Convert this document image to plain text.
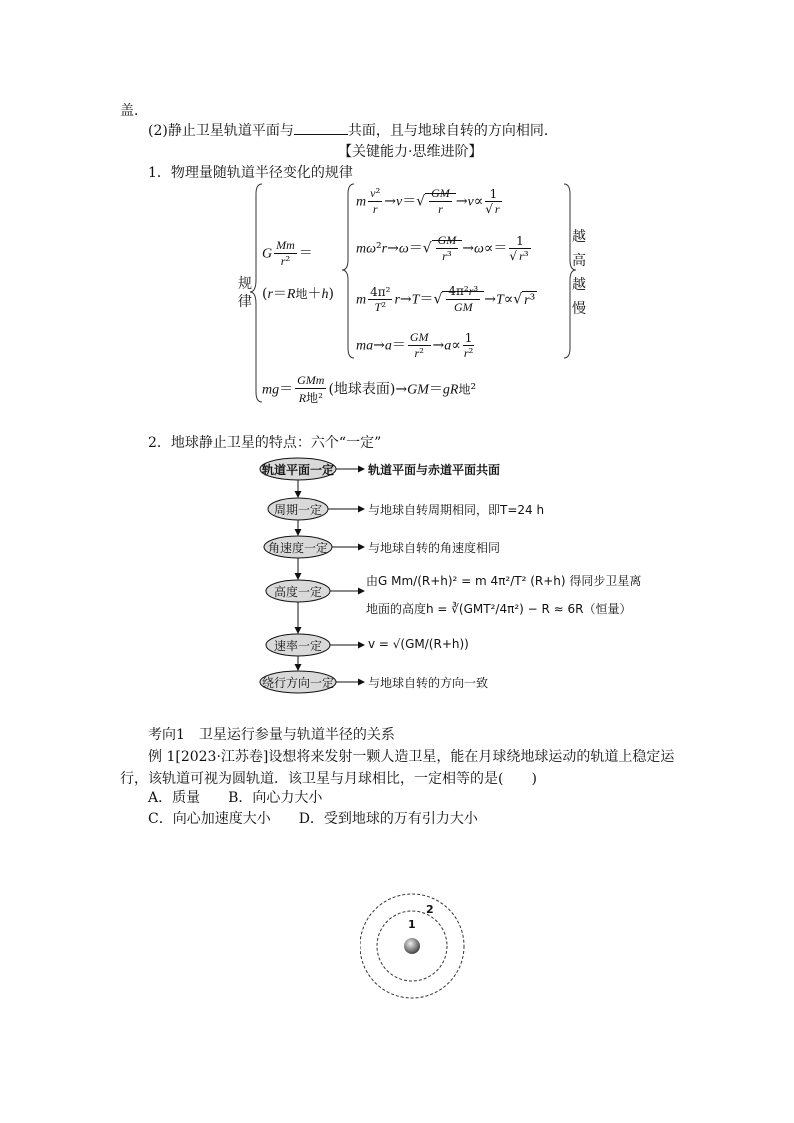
盖．
(2)静止卫星轨道平面与	共面，且与地球自转的方向相同．
【关键能力·思维进阶】
1．物理量随轨道半径变化的规律
规
律
越
高
越
慢
G $\frac{Mm}{\text{r²}}$ ＝
(r＝R地＋h)
m $\frac{\text{v²}}{r} \to v=√ \frac{GM}{r} \to v\propto \frac{1}{√ r}$
$m\omega^2r\to\omega=√ \frac{GM}{\text{r³}} \to\omega\propto= \frac{1}{\text{√ r³}}$
m $\frac{\text{4π²}}{\text{T²}} r\to T=√ \frac{\text{4π²r³}}{GM} \to T\propto√$ r³
$ma\to a= \frac{GM}{\text{r²}} \to a\propto \frac{1}{\text{r²}}$
$mg= \frac{\text{GMm}}{\text{R地²}}$ (地球表面)→GM＝gR地²
2．地球静止卫星的特点：六个“一定”
轨道平面一定
周期一定
角速度一定
高度一定
速率一定
绕行方向一定
轨道平面与赤道平面共面
与地球自转周期相同，即T=24 h
与地球自转的角速度相同
由G Mm/(R+h)² = m 4π²/T² (R+h) 得同步卫星离
地面的高度h = ∛(GMT²/4π²) − R ≈ 6R（恒量）
v = √(GM/(R+h))
与地球自转的方向一致
考向1　卫星运行参量与轨道半径的关系
例 1[2023·江苏卷]设想将来发射一颗人造卫星，能在月球绕地球运动的轨道上稳定运
行，该轨道可视为圆轨道．该卫星与月球相比，一定相等的是(　　)
A．质量　　B．向心力大小
C．向心加速度大小　　D．受到地球的万有引力大小
1
2
